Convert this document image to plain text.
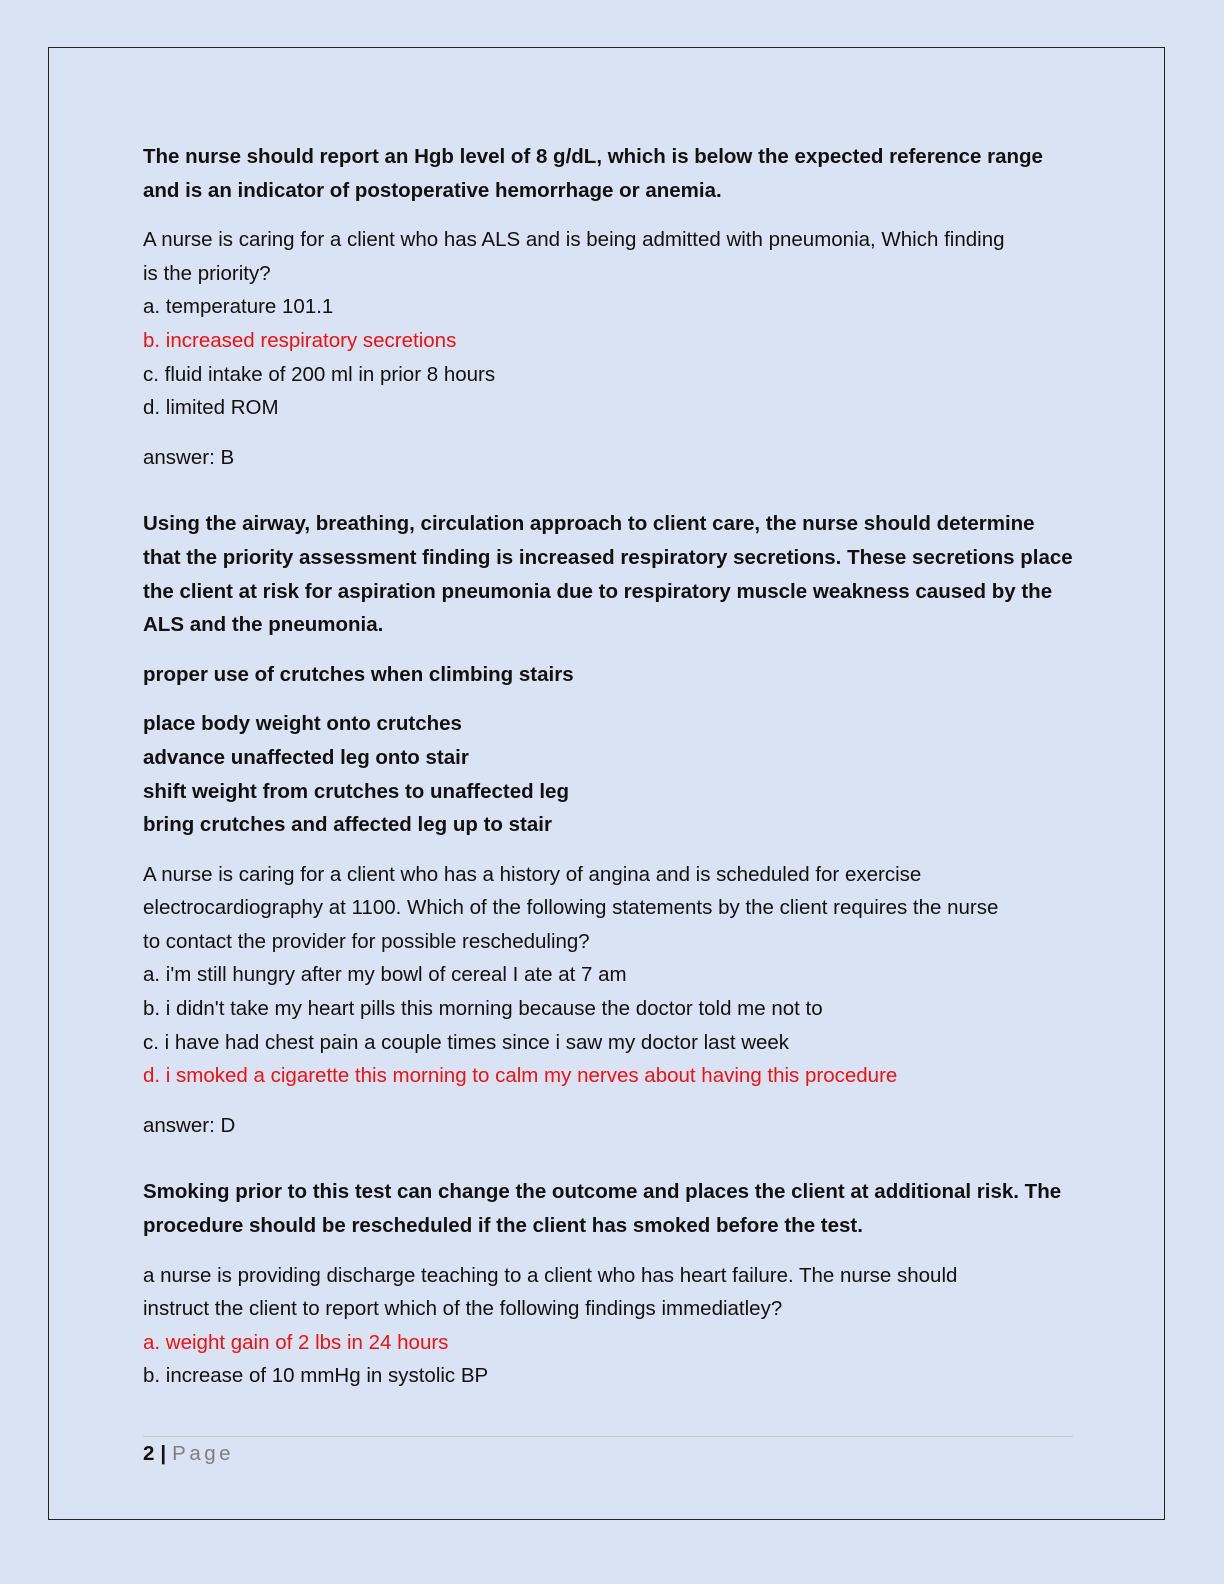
The nurse should report an Hgb level of 8 g/dL, which is below the expected reference range
and is an indicator of postoperative hemorrhage or anemia.
A nurse is caring for a client who has ALS and is being admitted with pneumonia, Which finding
is the priority?
a. temperature 101.1
b. increased respiratory secretions
c. fluid intake of 200 ml in prior 8 hours
d. limited ROM
answer: B
Using the airway, breathing, circulation approach to client care, the nurse should determine
that the priority assessment finding is increased respiratory secretions. These secretions place
the client at risk for aspiration pneumonia due to respiratory muscle weakness caused by the
ALS and the pneumonia.
proper use of crutches when climbing stairs
place body weight onto crutches
advance unaffected leg onto stair
shift weight from crutches to unaffected leg
bring crutches and affected leg up to stair
A nurse is caring for a client who has a history of angina and is scheduled for exercise
electrocardiography at 1100. Which of the following statements by the client requires the nurse
to contact the provider for possible rescheduling?
a. i'm still hungry after my bowl of cereal I ate at 7 am
b. i didn't take my heart pills this morning because the doctor told me not to
c. i have had chest pain a couple times since i saw my doctor last week
d. i smoked a cigarette this morning to calm my nerves about having this procedure
answer: D
Smoking prior to this test can change the outcome and places the client at additional risk. The
procedure should be rescheduled if the client has smoked before the test.
a nurse is providing discharge teaching to a client who has heart failure. The nurse should
instruct the client to report which of the following findings immediatley?
a. weight gain of 2 lbs in 24 hours
b. increase of 10 mmHg in systolic BP
2 | Page
